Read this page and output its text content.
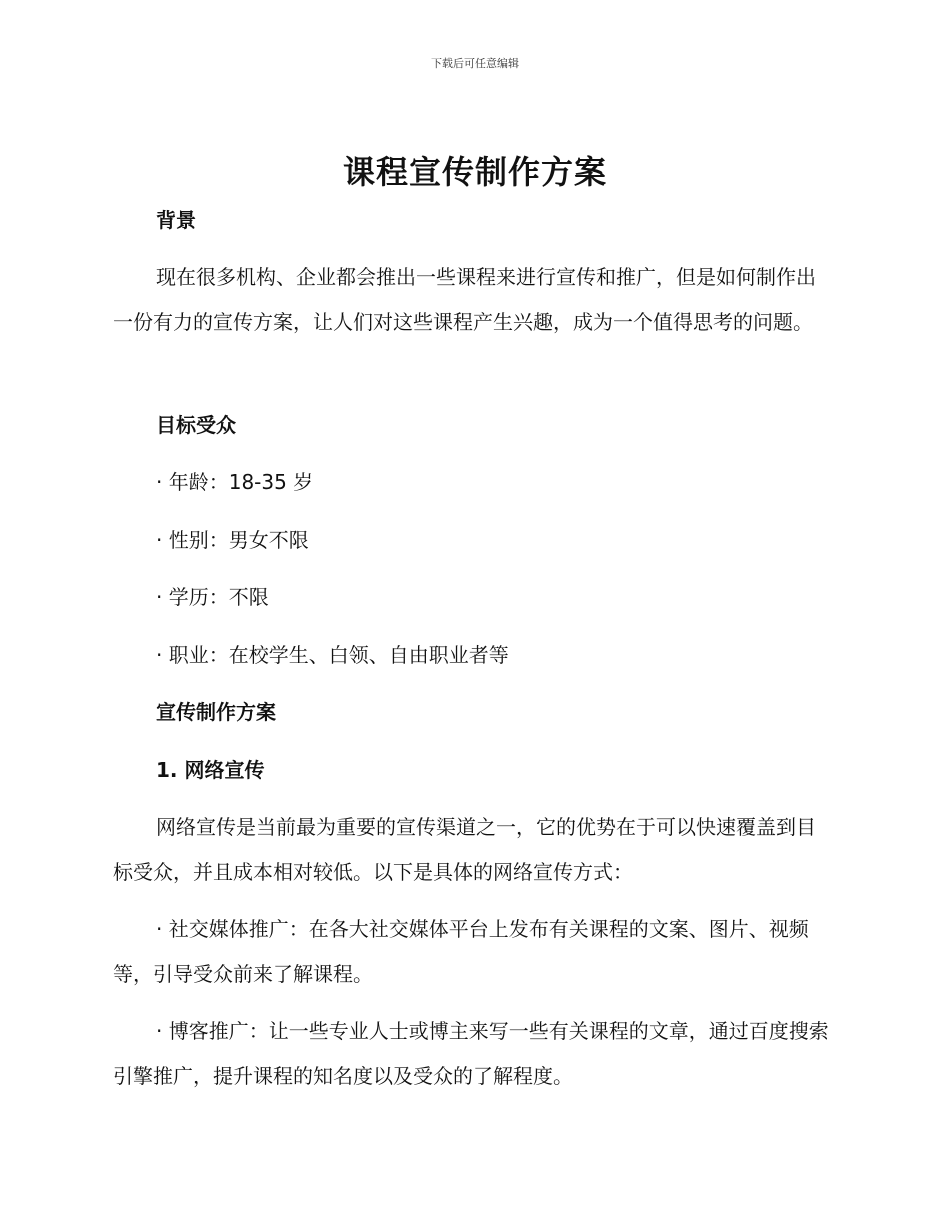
下载后可任意编辑
课程宣传制作方案
背景
现在很多机构、企业都会推出一些课程来进行宣传和推广，但是如何制作出一份有力的宣传方案，让人们对这些课程产生兴趣，成为一个值得思考的问题。
目标受众
· 年龄：18-35 岁
· 性别：男女不限
· 学历：不限
· 职业：在校学生、白领、自由职业者等
宣传制作方案
1. 网络宣传
网络宣传是当前最为重要的宣传渠道之一，它的优势在于可以快速覆盖到目标受众，并且成本相对较低。以下是具体的网络宣传方式：
· 社交媒体推广：在各大社交媒体平台上发布有关课程的文案、图片、视频等，引导受众前来了解课程。
· 博客推广：让一些专业人士或博主来写一些有关课程的文章，通过百度搜索引擎推广，提升课程的知名度以及受众的了解程度。
